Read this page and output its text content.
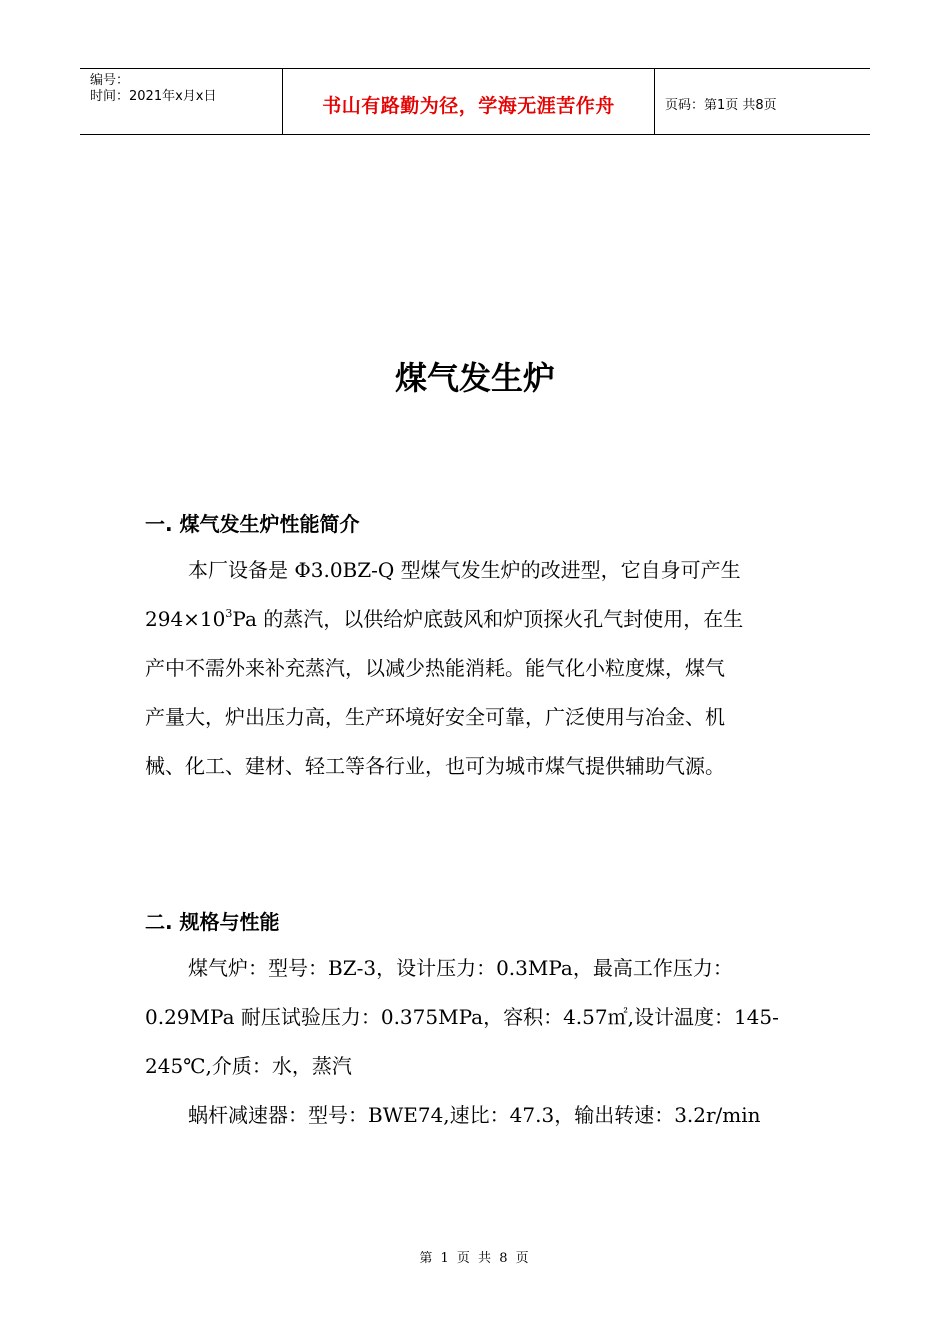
编号：
时间：2021年x月x日	书山有路勤为径，学海无涯苦作舟	页码：第1页 共8页
煤气发生炉
一. 煤气发生炉性能简介
本厂设备是 Φ3.0BZ-Q 型煤气发生炉的改进型，它自身可产生
$294\times 10^3Pa$ 的蒸汽，以供给炉底鼓风和炉顶探火孔气封使用，在生
产中不需外来补充蒸汽，以减少热能消耗。能气化小粒度煤，煤气
产量大，炉出压力高，生产环境好安全可靠，广泛使用与冶金、机
械、化工、建材、轻工等各行业，也可为城市煤气提供辅助气源。
二. 规格与性能
煤气炉：型号：BZ-3，设计压力：0.3MPa，最高工作压力：
0.29MPa 耐压试验压力：0.375MPa，容积：4.57㎡,设计温度：145-
245℃,介质：水，蒸汽
蜗杆减速器：型号：BWE74,速比：47.3，输出转速：3.2r/min
第 1 页 共 8 页
